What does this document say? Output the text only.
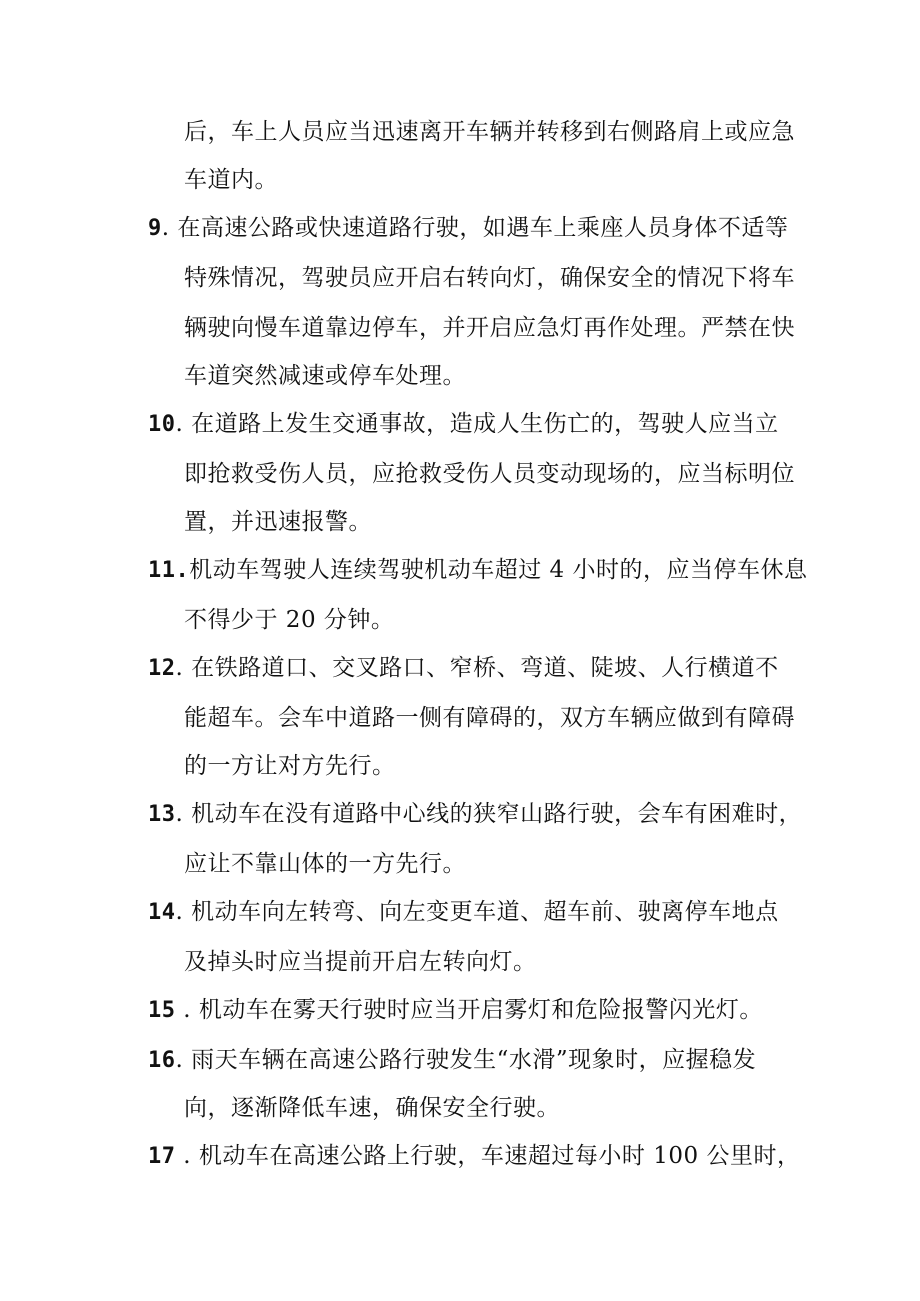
后，车上人员应当迅速离开车辆并转移到右侧路肩上或应急
车道内。
9. 在高速公路或快速道路行驶，如遇车上乘座人员身体不适等
特殊情况，驾驶员应开启右转向灯，确保安全的情况下将车
辆驶向慢车道靠边停车，并开启应急灯再作处理。严禁在快
车道突然减速或停车处理。
10. 在道路上发生交通事故，造成人生伤亡的，驾驶人应当立
即抢救受伤人员，应抢救受伤人员变动现场的，应当标明位
置，并迅速报警。
11.机动车驾驶人连续驾驶机动车超过 4 小时的，应当停车休息
不得少于 20 分钟。
12. 在铁路道口、交叉路口、窄桥、弯道、陡坡、人行横道不
能超车。会车中道路一侧有障碍的，双方车辆应做到有障碍
的一方让对方先行。
13. 机动车在没有道路中心线的狭窄山路行驶，会车有困难时，
应让不靠山体的一方先行。
14. 机动车向左转弯、向左变更车道、超车前、驶离停车地点
及掉头时应当提前开启左转向灯。
15 . 机动车在雾天行驶时应当开启雾灯和危险报警闪光灯。
16. 雨天车辆在高速公路行驶发生“水滑”现象时，应握稳发
向，逐渐降低车速，确保安全行驶。
17 . 机动车在高速公路上行驶，车速超过每小时 100 公里时，
